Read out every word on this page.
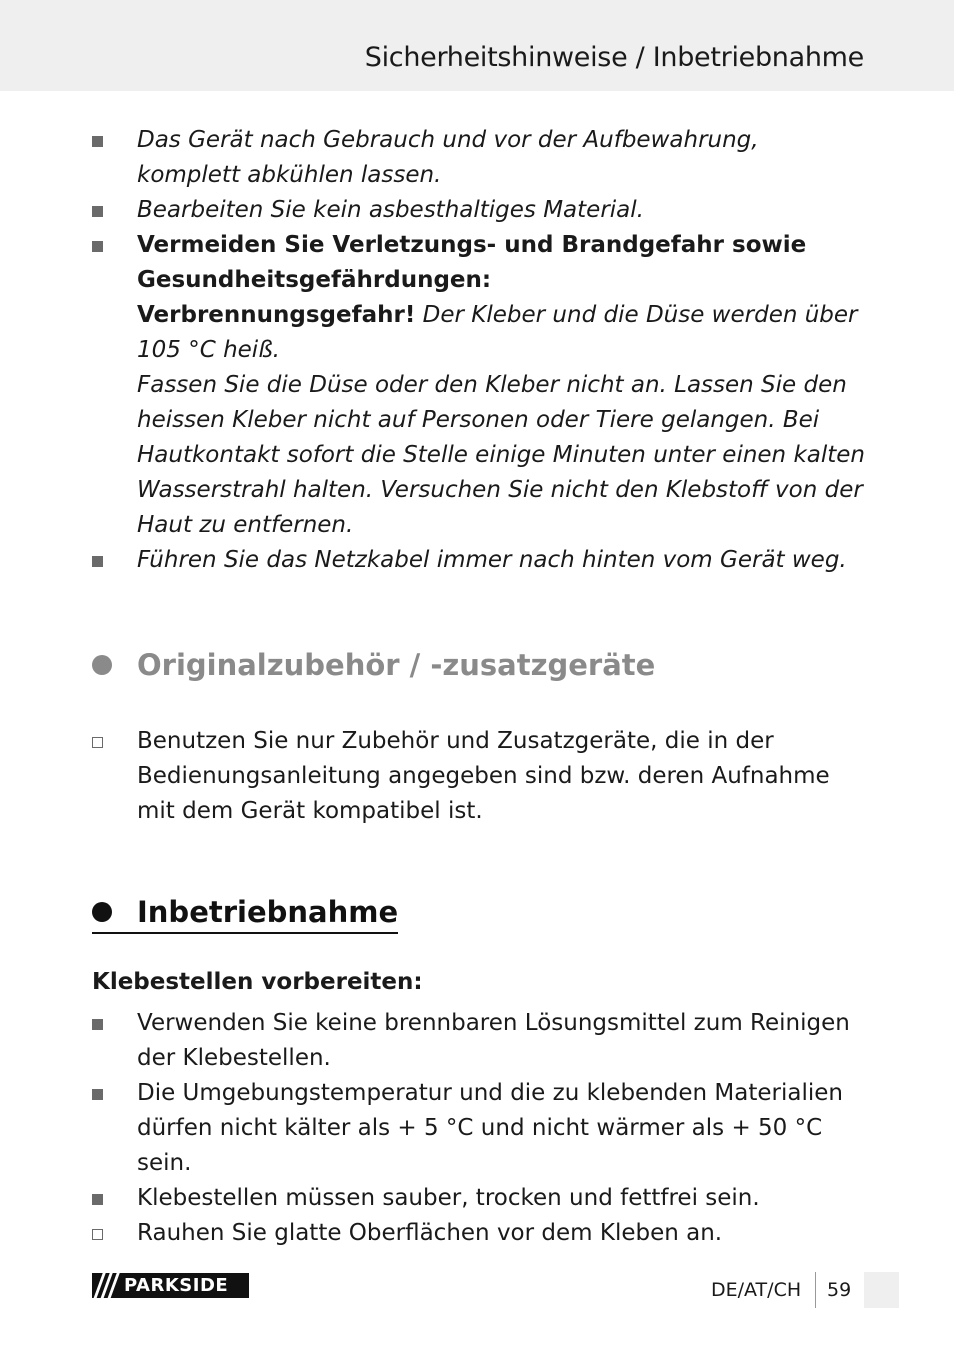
Sicherheitshinweise / Inbetriebnahme
Das Gerät nach Gebrauch und vor der Aufbewahrung, komplett abkühlen lassen.
Bearbeiten Sie kein asbesthaltiges Material.
Vermeiden Sie Verletzungs- und Brandgefahr sowie Gesundheitsgefährdungen:
Verbrennungsgefahr! Der Kleber und die Düse werden über 105 °C heiß.
Fassen Sie die Düse oder den Kleber nicht an. Lassen Sie den heissen Kleber nicht auf Personen oder Tiere gelangen. Bei Hautkontakt sofort die Stelle einige Minuten unter einen kalten Wasserstrahl halten. Versuchen Sie nicht den Klebstoff von der Haut zu entfernen.
Führen Sie das Netzkabel immer nach hinten vom Gerät weg.
Originalzubehör / -zusatzgeräte
Benutzen Sie nur Zubehör und Zusatzgeräte, die in der Bedienungsanleitung angegeben sind bzw. deren Aufnahme mit dem Gerät kompatibel ist.
Inbetriebnahme
Klebestellen vorbereiten:
Verwenden Sie keine brennbaren Lösungsmittel zum Reinigen der Klebestellen.
Die Umgebungstemperatur und die zu klebenden Materialien dürfen nicht kälter als + 5 °C und nicht wärmer als + 50 °C sein.
Klebestellen müssen sauber, trocken und fettfrei sein.
Rauhen Sie glatte Oberflächen vor dem Kleben an.
PARKSIDE	DE/AT/CH 59
